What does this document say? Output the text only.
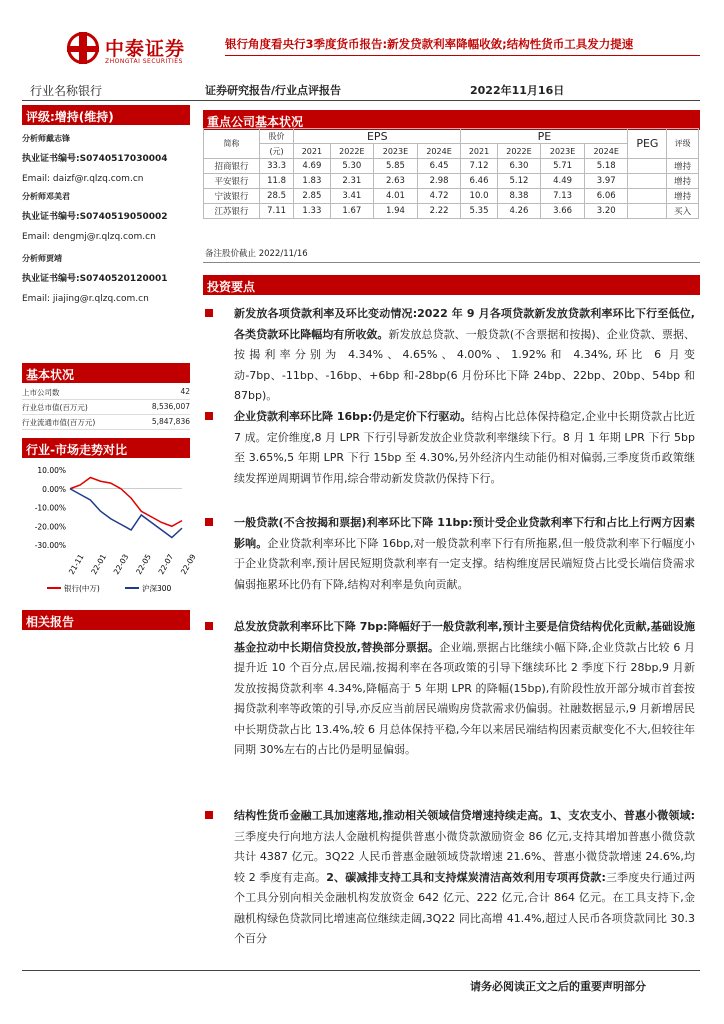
中泰证券
ZHONGTAI SECURITIES
银行角度看央行3季度货币报告:新发贷款利率降幅收敛;结构性货币工具发力提速
行业名称银行	证券研究报告/行业点评报告	2022年11月16日
评级:增持(维持)
分析师戴志锋
执业证书编号:S0740517030004
Email: daizf@r.qlzq.com.cn
分析师邓美君
执业证书编号:S0740519050002
Email: dengmj@r.qlzq.com.cn
分析师贾靖
执业证书编号:S0740520120001
Email: jiajing@r.qlzq.com.cn
基本状况
上市公司数	42
行业总市值(百万元)	8,536,007
行业流通市值(百万元)	5,847,836
行业-市场走势对比
10.00%
0.00%
-10.00%
-20.00%
-30.00%
21-11 22-01 22-03 22-05 22-07 22-09
银行(中万)	沪深300
相关报告
重点公司基本状况
简称	股价	EPS				PE				PEG	评级
	(元)	2021	2022E	2023E	2024E	2021	2022E	2023E	2024E		
招商银行	33.3	4.69	5.30	5.85	6.45	7.12	6.30	5.71	5.18		增持
平安银行	11.8	1.83	2.31	2.63	2.98	6.46	5.12	4.49	3.97		增持
宁波银行	28.5	2.85	3.41	4.01	4.72	10.0	8.38	7.13	6.06		增持
江苏银行	7.11	1.33	1.67	1.94	2.22	5.35	4.26	3.66	3.20		买入
备注股价截止 2022/11/16
投资要点

新发放各项贷款利率及环比变动情况:2022 年 9 月各项贷款新发放贷款利率环比下行至低位,各类贷款环比降幅均有所收敛。新发放总贷款、一般贷款(不含票据和按揭)、企业贷款、票据、按揭利率分别为 4.34%、4.65%、4.00%、1.92%和 4.34%,环比 6 月变动-7bp、-11bp、-16bp、+6bp 和-28bp(6 月份环比下降 24bp、22bp、20bp、54bp 和 87bp)。

企业贷款利率环比降 16bp:仍是定价下行驱动。结构占比总体保持稳定,企业中长期贷款占比近 7 成。定价维度,8 月 LPR 下行引导新发放企业贷款利率继续下行。8 月 1 年期 LPR 下行 5bp 至 3.65%,5 年期 LPR 下行 15bp 至 4.30%,另外经济内生动能仍相对偏弱,三季度货币政策继续发挥逆周期调节作用,综合带动新发贷款仍保持下行。

一般贷款(不含按揭和票据)利率环比下降 11bp:预计受企业贷款利率下行和占比上行两方因素影响。企业贷款利率环比下降 16bp,对一般贷款利率下行有所拖累,但一般贷款利率下行幅度小于企业贷款利率,预计居民短期贷款利率有一定支撑。结构维度居民端短贷占比受长端信贷需求偏弱拖累环比仍有下降,结构对利率是负向贡献。

总发放贷款利率环比下降 7bp:降幅好于一般贷款利率,预计主要是信贷结构优化贡献,基础设施基金拉动中长期信贷投放,替换部分票据。企业端,票据占比继续小幅下降,企业贷款占比较 6 月提升近 10 个百分点,居民端,按揭利率在各项政策的引导下继续环比 2 季度下行 28bp,9 月新发放按揭贷款利率 4.34%,降幅高于 5 年期 LPR 的降幅(15bp),有阶段性放开部分城市首套按揭贷款利率等政策的引导,亦反应当前居民端购房贷款需求仍偏弱。社融数据显示,9 月新增居民中长期贷款占比 13.4%,较 6 月总体保持平稳,今年以来居民端结构因素贡献变化不大,但较往年同期 30%左右的占比仍是明显偏弱。

结构性货币金融工具加速落地,推动相关领域信贷增速持续走高。1、支农支小、普惠小微领域:三季度央行向地方法人金融机构提供普惠小微贷款激励资金 86 亿元,支持其增加普惠小微贷款共计 4387 亿元。3Q22 人民币普惠金融领域贷款增速 21.6%、普惠小微贷款增速 24.6%,均较 2 季度有走高。2、碳减排支持工具和支持煤炭清洁高效利用专项再贷款:三季度央行通过两个工具分别向相关金融机构发放资金 642 亿元、222 亿元,合计 864 亿元。在工具支持下,金融机构绿色贷款同比增速高位继续走阔,3Q22 同比高增 41.4%,超过人民币各项贷款同比 30.3 个百分

请务必阅读正文之后的重要声明部分
